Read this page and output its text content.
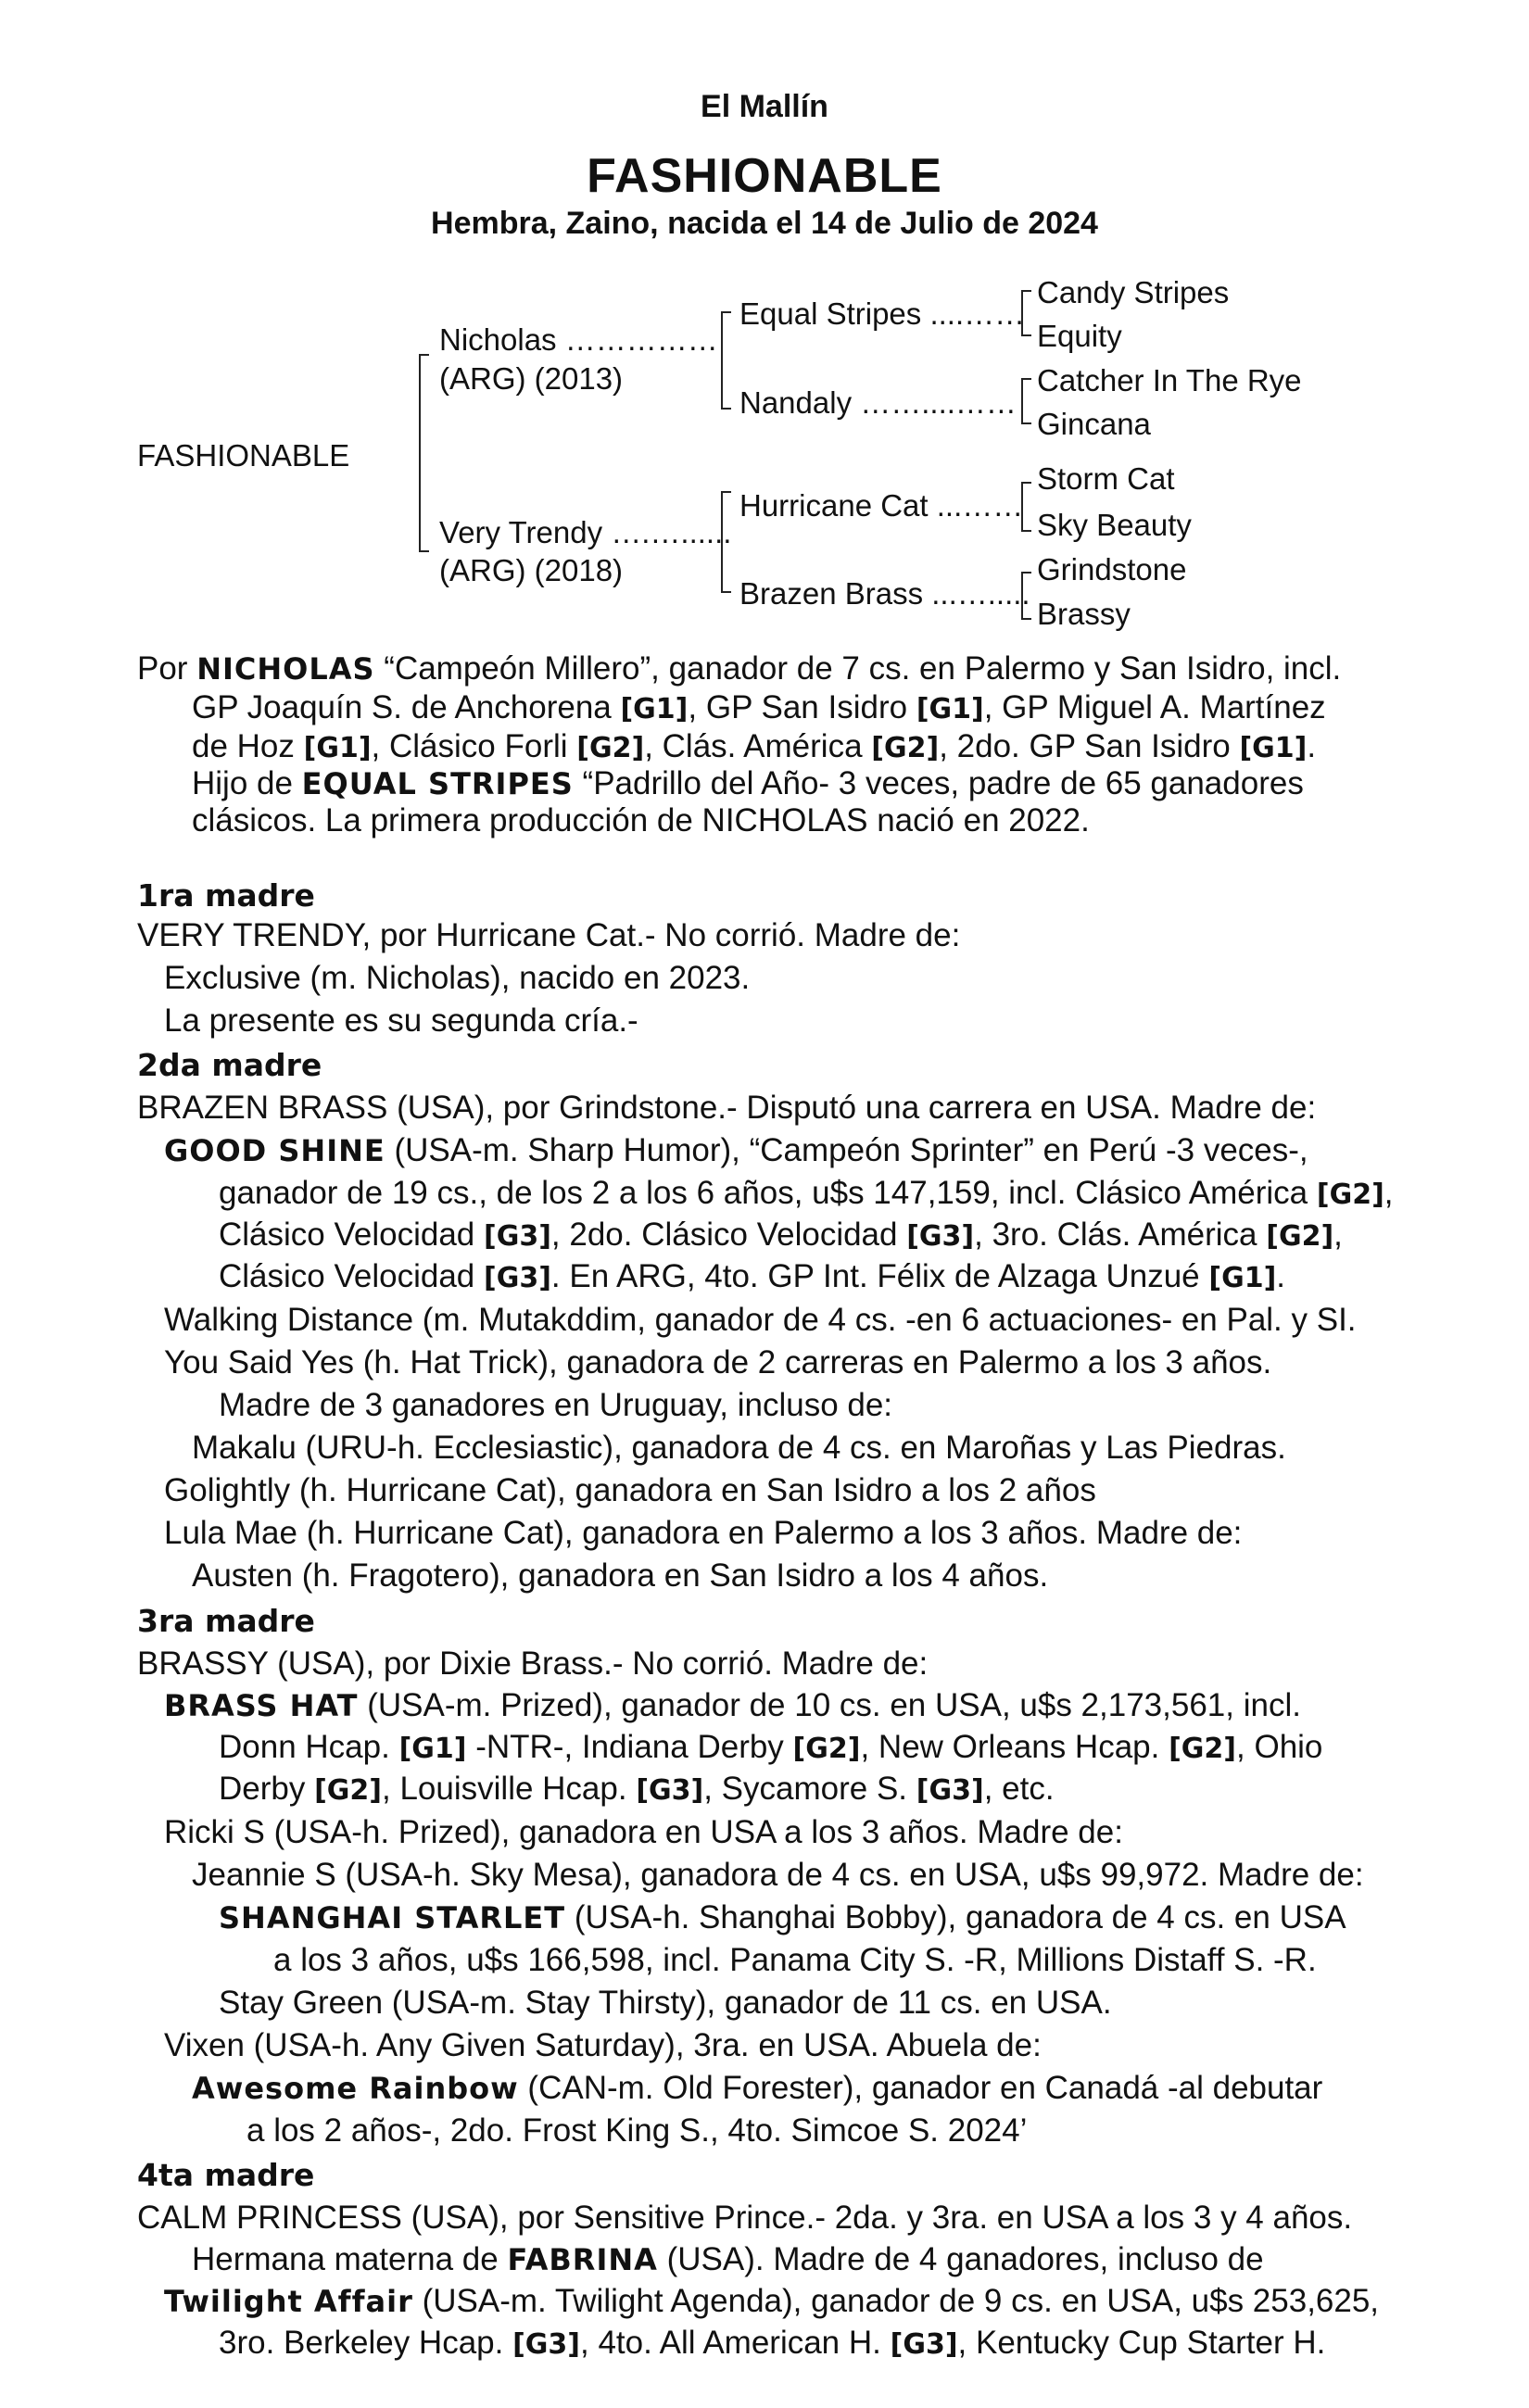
El Mallín
FASHIONABLE
Hembra, Zaino, nacida el 14 de Julio de 2024
FASHIONABLE
Nicholas ……………
(ARG) (2013)
Very Trendy ….…......
(ARG) (2018)
Equal Stripes ....……
Nandaly ……....……
Hurricane Cat ...……
Brazen Brass ...….....
Candy Stripes
Equity
Catcher In The Rye
Gincana
Storm Cat
Sky Beauty
Grindstone
Brassy
Por NICHOLAS “Campeón Millero”, ganador de 7 cs. en Palermo y San Isidro, incl.
GP Joaquín S. de Anchorena [G1], GP San Isidro [G1], GP Miguel A. Martínez
de Hoz [G1], Clásico Forli [G2], Clás. América [G2], 2do. GP San Isidro [G1].
Hijo de EQUAL STRIPES “Padrillo del Año- 3 veces, padre de 65 ganadores
clásicos. La primera producción de NICHOLAS nació en 2022.
1ra madre
VERY TRENDY, por Hurricane Cat.- No corrió. Madre de:
Exclusive (m. Nicholas), nacido en 2023.
La presente es su segunda cría.-
2da madre
BRAZEN BRASS (USA), por Grindstone.- Disputó una carrera en USA. Madre de:
GOOD SHINE (USA-m. Sharp Humor), “Campeón Sprinter” en Perú -3 veces-,
ganador de 19 cs., de los 2 a los 6 años, u$s 147,159, incl. Clásico América [G2],
Clásico Velocidad [G3], 2do. Clásico Velocidad [G3], 3ro. Clás. América [G2],
Clásico Velocidad [G3]. En ARG, 4to. GP Int. Félix de Alzaga Unzué [G1].
Walking Distance (m. Mutakddim, ganador de 4 cs. -en 6 actuaciones- en Pal. y SI.
You Said Yes (h. Hat Trick), ganadora de 2 carreras en Palermo a los 3 años.
Madre de 3 ganadores en Uruguay, incluso de:
Makalu (URU-h. Ecclesiastic), ganadora de 4 cs. en Maroñas y Las Piedras.
Golightly (h. Hurricane Cat), ganadora en San Isidro a los 2 años
Lula Mae (h. Hurricane Cat), ganadora en Palermo a los 3 años. Madre de:
Austen (h. Fragotero), ganadora en San Isidro a los 4 años.
3ra madre
BRASSY (USA), por Dixie Brass.- No corrió. Madre de:
BRASS HAT (USA-m. Prized), ganador de 10 cs. en USA, u$s 2,173,561, incl.
Donn Hcap. [G1] -NTR-, Indiana Derby [G2], New Orleans Hcap. [G2], Ohio
Derby [G2], Louisville Hcap. [G3], Sycamore S. [G3], etc.
Ricki S (USA-h. Prized), ganadora en USA a los 3 años. Madre de:
Jeannie S (USA-h. Sky Mesa), ganadora de 4 cs. en USA, u$s 99,972. Madre de:
SHANGHAI STARLET (USA-h. Shanghai Bobby), ganadora de 4 cs. en USA
a los 3 años, u$s 166,598, incl. Panama City S. -R, Millions Distaff S. -R.
Stay Green (USA-m. Stay Thirsty), ganador de 11 cs. en USA.
Vixen (USA-h. Any Given Saturday), 3ra. en USA. Abuela de:
Awesome Rainbow (CAN-m. Old Forester), ganador en Canadá -al debutar
a los 2 años-, 2do. Frost King S., 4to. Simcoe S. 2024’
4ta madre
CALM PRINCESS (USA), por Sensitive Prince.- 2da. y 3ra. en USA a los 3 y 4 años.
Hermana materna de FABRINA (USA). Madre de 4 ganadores, incluso de
Twilight Affair (USA-m. Twilight Agenda), ganador de 9 cs. en USA, u$s 253,625,
3ro. Berkeley Hcap. [G3], 4to. All American H. [G3], Kentucky Cup Starter H.
